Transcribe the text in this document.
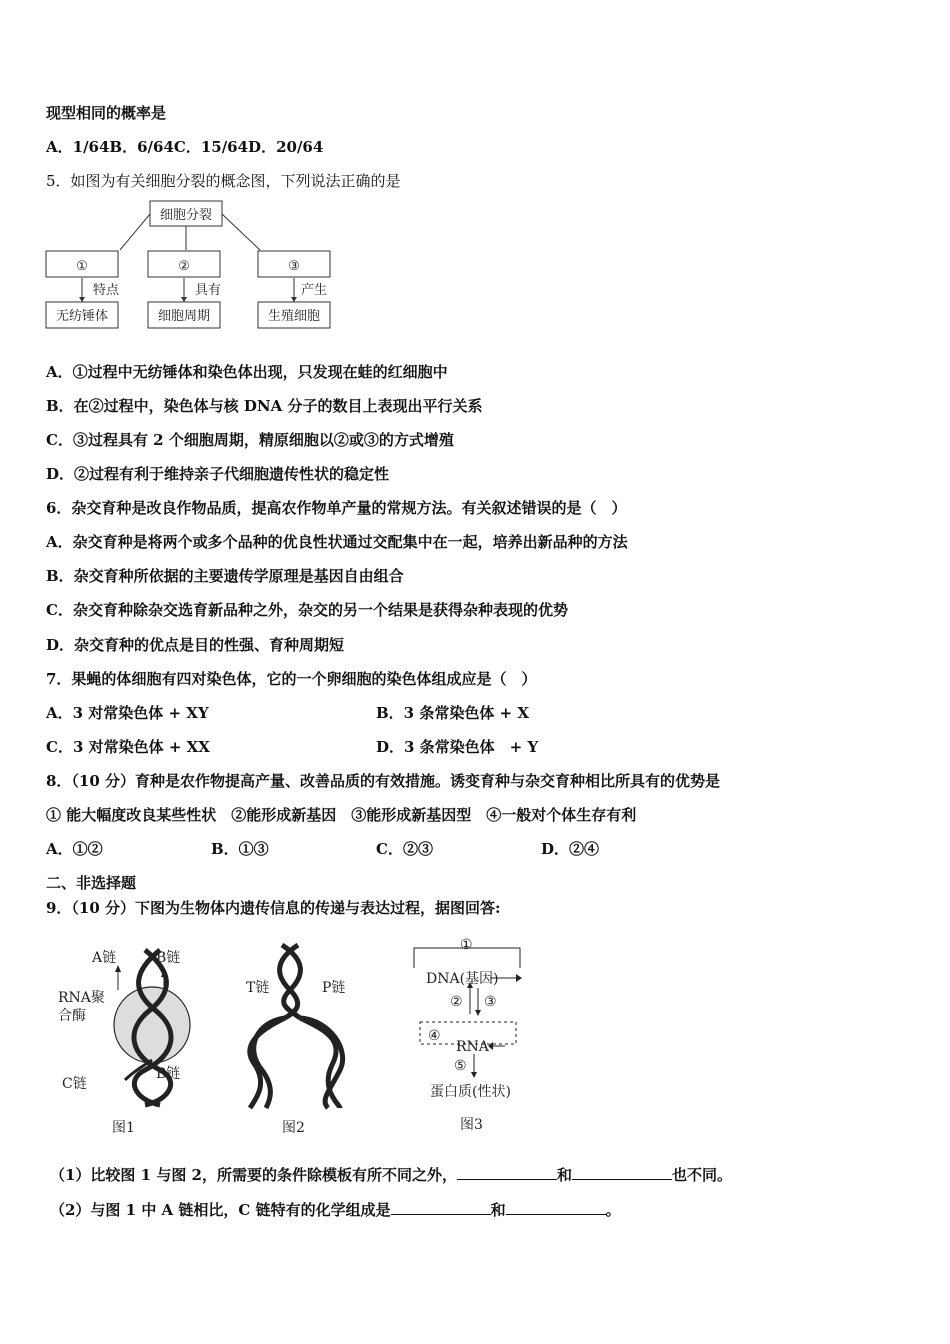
现型相同的概率是
A．1/64B．6/64C．15/64D．20/64
5．如图为有关细胞分裂的概念图，下列说法正确的是
细胞分裂
①	②	③
特点	具有	产生
无纺锤体	细胞周期	生殖细胞
A．①过程中无纺锤体和染色体出现，只发现在蛙的红细胞中
B．在②过程中，染色体与核 DNA 分子的数目上表现出平行关系
C．③过程具有 2 个细胞周期，精原细胞以②或③的方式增殖
D．②过程有利于维持亲子代细胞遗传性状的稳定性
6．杂交育种是改良作物品质，提高农作物单产量的常规方法。有关叙述错误的是（　）
A．杂交育种是将两个或多个品种的优良性状通过交配集中在一起，培养出新品种的方法
B．杂交育种所依据的主要遗传学原理是基因自由组合
C．杂交育种除杂交选育新品种之外，杂交的另一个结果是获得杂种表现的优势
D．杂交育种的优点是目的性强、育种周期短
7．果蝇的体细胞有四对染色体，它的一个卵细胞的染色体组成应是（　）
A．3 对常染色体 + XY	B．3 条常染色体 + X
C．3 对常染色体 + XX	D．3 条常染色体　+ Y
8．（10 分）育种是农作物提高产量、改善品质的有效措施。诱变育种与杂交育种相比所具有的优势是
① 能大幅度改良某些性状　②能形成新基因　③能形成新基因型　④一般对个体生存有利
A．①②	B．①③	C．②③	D．②④
二、非选择题
9．（10 分）下图为生物体内遗传信息的传递与表达过程，据图回答:
A链	B链
RNA聚
合酶
C链
B链
图1
T链	P链
图2
①
DNA(基因)
② ③
④
RNA
⑤
蛋白质(性状)
图3
（1）比较图 1 与图 2，所需要的条件除模板有所不同之外，	和	也不同。
（2）与图 1 中 A 链相比，C 链特有的化学组成是	和	。
